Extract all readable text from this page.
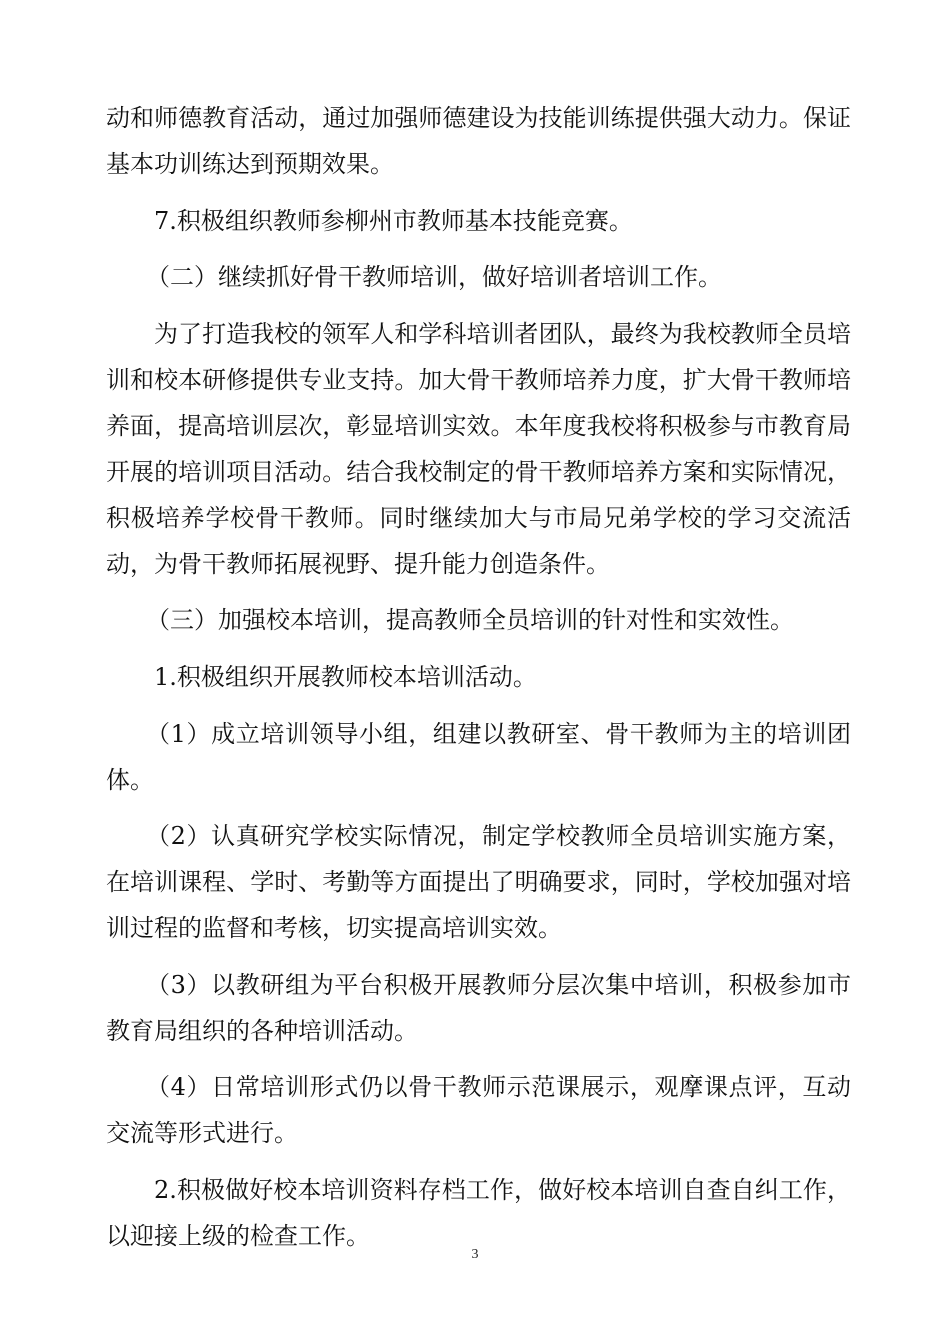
动和师德教育活动，通过加强师德建设为技能训练提供强大动力。保证基本功训练达到预期效果。

7.积极组织教师参柳州市教师基本技能竞赛。

（二）继续抓好骨干教师培训，做好培训者培训工作。

为了打造我校的领军人和学科培训者团队，最终为我校教师全员培训和校本研修提供专业支持。加大骨干教师培养力度，扩大骨干教师培养面，提高培训层次，彰显培训实效。本年度我校将积极参与市教育局开展的培训项目活动。结合我校制定的骨干教师培养方案和实际情况，积极培养学校骨干教师。同时继续加大与市局兄弟学校的学习交流活动，为骨干教师拓展视野、提升能力创造条件。

（三）加强校本培训，提高教师全员培训的针对性和实效性。

1.积极组织开展教师校本培训活动。

（1）成立培训领导小组，组建以教研室、骨干教师为主的培训团体。

（2）认真研究学校实际情况，制定学校教师全员培训实施方案，在培训课程、学时、考勤等方面提出了明确要求，同时，学校加强对培训过程的监督和考核，切实提高培训实效。

（3）以教研组为平台积极开展教师分层次集中培训，积极参加市教育局组织的各种培训活动。

（4）日常培训形式仍以骨干教师示范课展示，观摩课点评，互动交流等形式进行。

2.积极做好校本培训资料存档工作，做好校本培训自查自纠工作，以迎接上级的检查工作。

3
